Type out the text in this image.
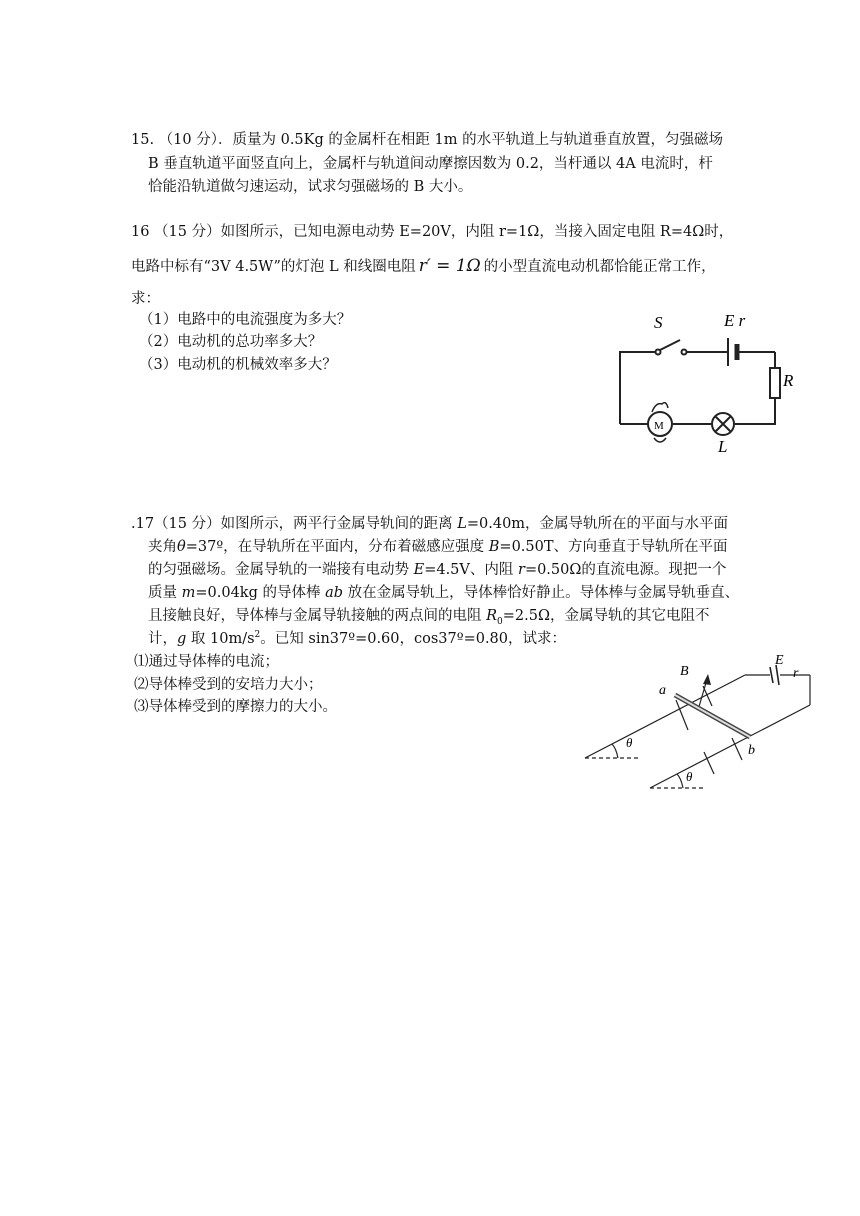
15. （10 分）．质量为 0.5Kg 的金属杆在相距 1m 的水平轨道上与轨道垂直放置，匀强磁场
B 垂直轨道平面竖直向上，金属杆与轨道间动摩擦因数为 0.2，当杆通以 4A 电流时，杆
恰能沿轨道做匀速运动，试求匀强磁场的 B 大小。
16 （15 分）如图所示，已知电源电动势 E=20V，内阻 r=1Ω，当接入固定电阻 R=4Ω时，
电路中标有“3V 4.5W”的灯泡 L 和线圈电阻 r′ = 1Ω 的小型直流电动机都恰能正常工作，
求：
（1）电路中的电流强度为多大？
（2）电动机的总功率多大？
（3）电动机的机械效率多大？
S	E r
R
M
L
.17（15 分）如图所示，两平行金属导轨间的距离 L=0.40m，金属导轨所在的平面与水平面
夹角θ=37º，在导轨所在平面内，分布着磁感应强度 B=0.50T、方向垂直于导轨所在平面
的匀强磁场。金属导轨的一端接有电动势 E=4.5V、内阻 r=0.50Ω的直流电源。现把一个
质量 m=0.04kg 的导体棒 ab 放在金属导轨上，导体棒恰好静止。导体棒与金属导轨垂直、
且接触良好，导体棒与金属导轨接触的两点间的电阻 $R_0=2.5\Omega$，金属导轨的其它电阻不
计，g 取 $10m/s^2$。已知 sin37º=0.60，cos37º=0.80，试求：
⑴通过导体棒的电流；
⑵导体棒受到的安培力大小；
⑶导体棒受到的摩擦力的大小。
B
E
r
a
b
θ
θ
